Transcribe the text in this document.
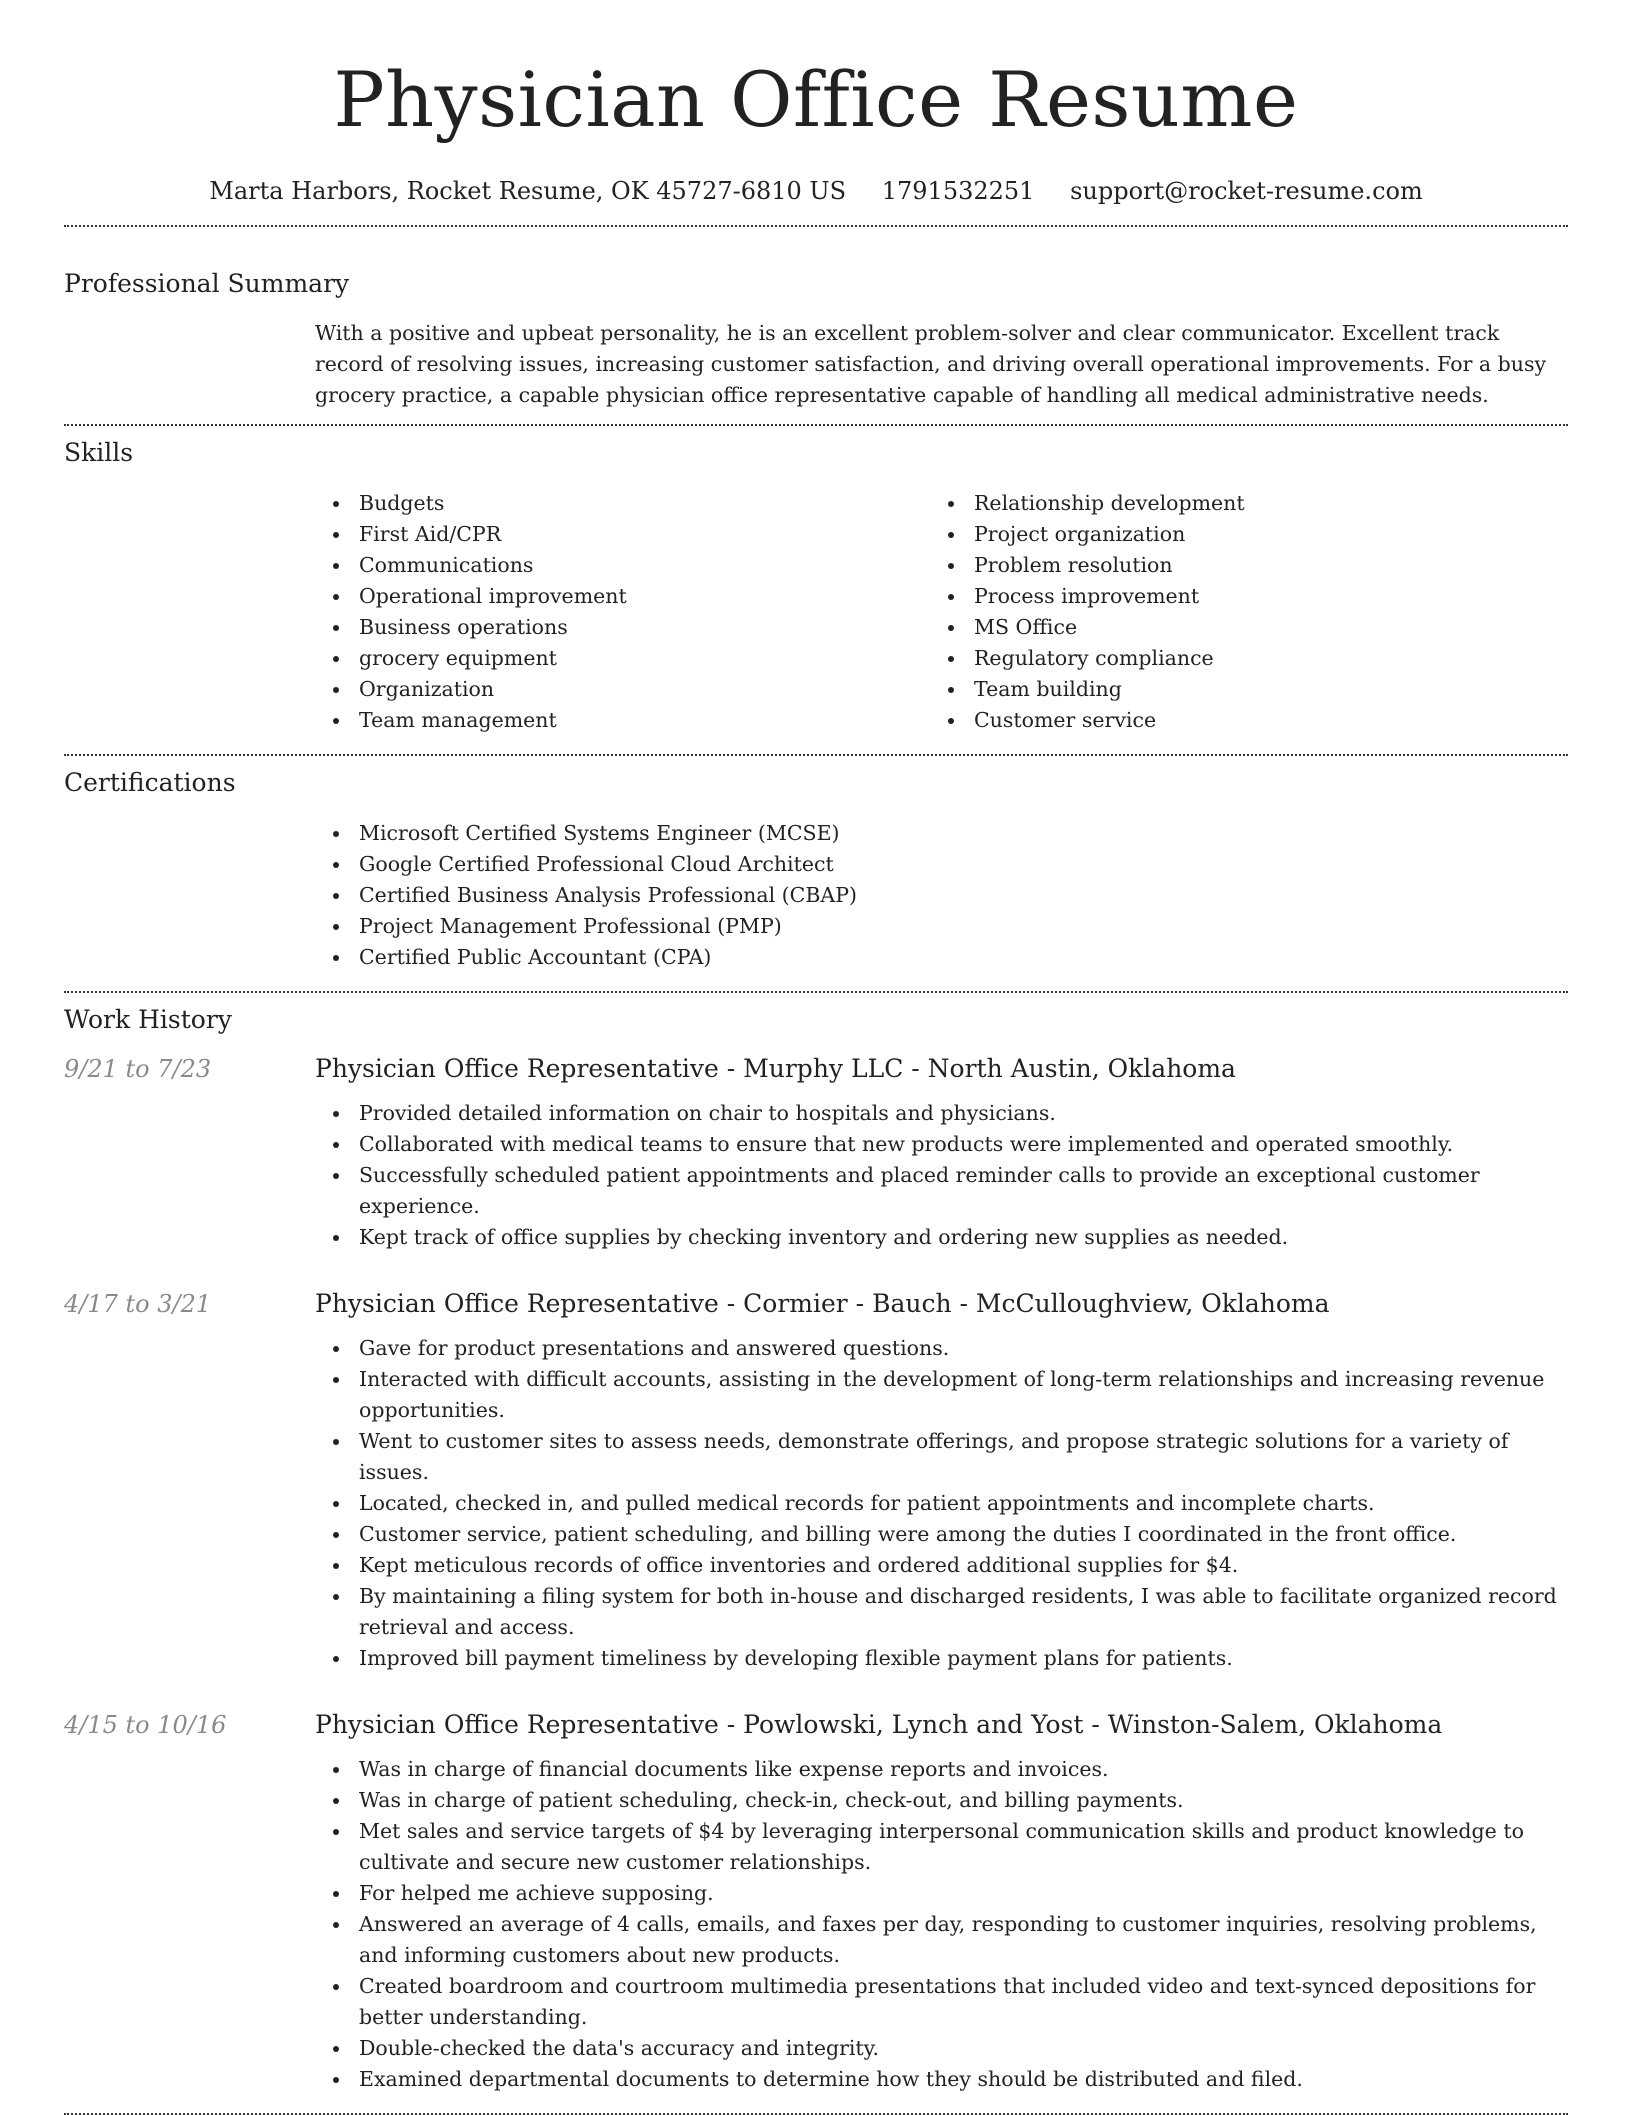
Physician Office Resume
Marta Harbors, Rocket Resume, OK 45727-6810 US 1791532251 support@rocket-resume.com
Professional Summary
With a positive and upbeat personality, he is an excellent problem-solver and clear communicator. Excellent track record of resolving issues, increasing customer satisfaction, and driving overall operational improvements. For a busy grocery practice, a capable physician office representative capable of handling all medical administrative needs.
Skills
Budgets
First Aid/CPR
Communications
Operational improvement
Business operations
grocery equipment
Organization
Team management
Relationship development
Project organization
Problem resolution
Process improvement
MS Office
Regulatory compliance
Team building
Customer service
Certifications
Microsoft Certified Systems Engineer (MCSE)
Google Certified Professional Cloud Architect
Certified Business Analysis Professional (CBAP)
Project Management Professional (PMP)
Certified Public Accountant (CPA)
Work History
9/21 to 7/23	Physician Office Representative - Murphy LLC - North Austin, Oklahoma
Provided detailed information on chair to hospitals and physicians.
Collaborated with medical teams to ensure that new products were implemented and operated smoothly.
Successfully scheduled patient appointments and placed reminder calls to provide an exceptional customer experience.
Kept track of office supplies by checking inventory and ordering new supplies as needed.
4/17 to 3/21	Physician Office Representative - Cormier - Bauch - McCulloughview, Oklahoma
Gave for product presentations and answered questions.
Interacted with difficult accounts, assisting in the development of long-term relationships and increasing revenue opportunities.
Went to customer sites to assess needs, demonstrate offerings, and propose strategic solutions for a variety of issues.
Located, checked in, and pulled medical records for patient appointments and incomplete charts.
Customer service, patient scheduling, and billing were among the duties I coordinated in the front office.
Kept meticulous records of office inventories and ordered additional supplies for $4.
By maintaining a filing system for both in-house and discharged residents, I was able to facilitate organized record retrieval and access.
Improved bill payment timeliness by developing flexible payment plans for patients.
4/15 to 10/16	Physician Office Representative - Powlowski, Lynch and Yost - Winston-Salem, Oklahoma
Was in charge of financial documents like expense reports and invoices.
Was in charge of patient scheduling, check-in, check-out, and billing payments.
Met sales and service targets of $4 by leveraging interpersonal communication skills and product knowledge to cultivate and secure new customer relationships.
For helped me achieve supposing.
Answered an average of 4 calls, emails, and faxes per day, responding to customer inquiries, resolving problems, and informing customers about new products.
Created boardroom and courtroom multimedia presentations that included video and text-synced depositions for better understanding.
Double-checked the data's accuracy and integrity.
Examined departmental documents to determine how they should be distributed and filed.
